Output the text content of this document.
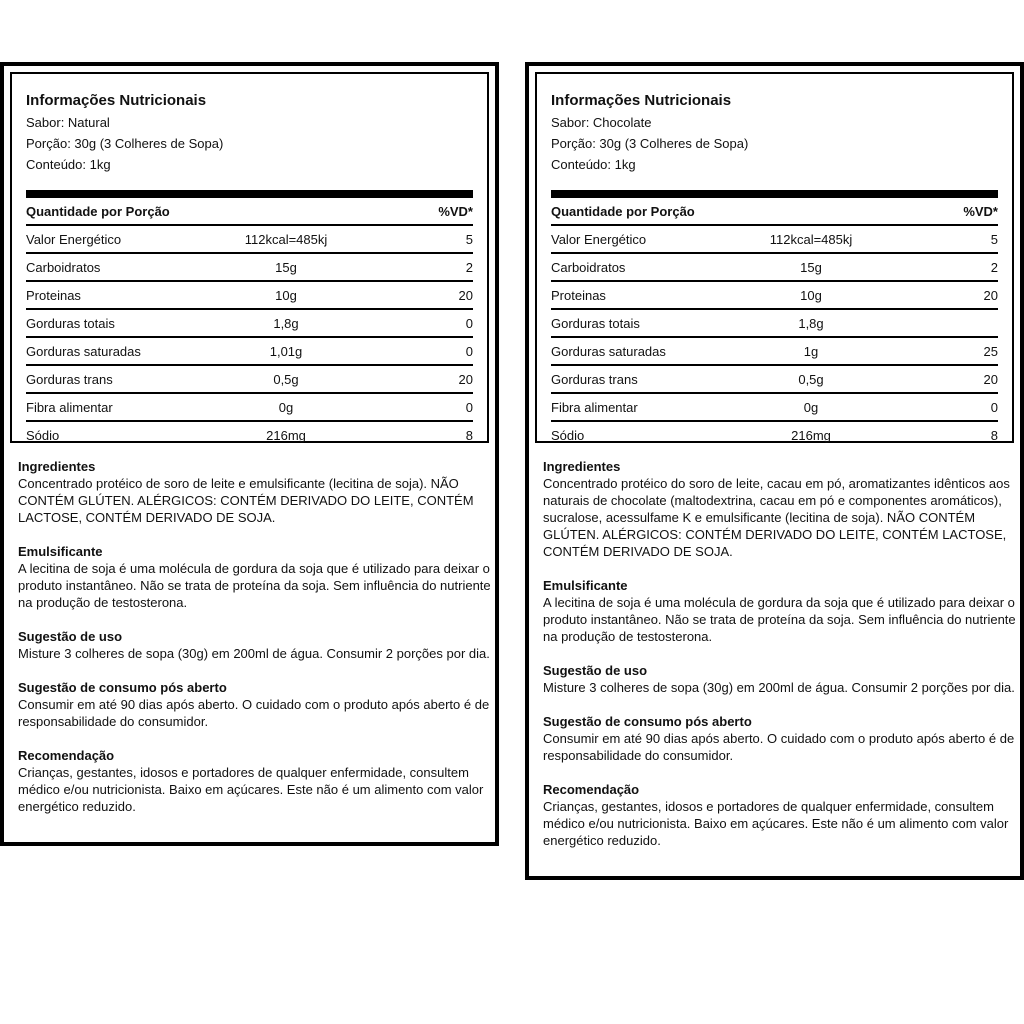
Informações Nutricionais

Sabor: Natural

Porção: 30g (3 Colheres de Sopa)

Conteúdo: 1kg

Quantidade por Porção	%VD*
Valor Energético	112kcal=485kj	5
Carboidratos	15g	2
Proteinas	10g	20
Gorduras totais	1,8g	0
Gorduras saturadas	1,01g	0
Gorduras trans	0,5g	20
Fibra alimentar	0g	0
Sódio	216mg	8

Ingredientes

Concentrado protéico de soro de leite e emulsificante (lecitina de soja). NÃO CONTÉM GLÚTEN. ALÉRGICOS: CONTÉM DERIVADO DO LEITE, CONTÉM LACTOSE, CONTÉM DERIVADO DE SOJA.

Emulsificante

A lecitina de soja é uma molécula de gordura da soja que é utilizado para deixar o produto instantâneo. Não se trata de proteína da soja. Sem influência do nutriente na produção de testosterona.

Sugestão de uso

Misture 3 colheres de sopa (30g) em 200ml de água. Consumir 2 porções por dia.

Sugestão de consumo pós aberto

Consumir em até 90 dias após aberto. O cuidado com o produto após aberto é de responsabilidade do consumidor.

Recomendação

Crianças, gestantes, idosos e portadores de qualquer enfermidade, consultem médico e/ou nutricionista. Baixo em açúcares. Este não é um alimento com valor energético reduzido.

Informações Nutricionais

Sabor: Chocolate

Porção: 30g (3 Colheres de Sopa)

Conteúdo: 1kg

Quantidade por Porção	%VD*
Valor Energético	112kcal=485kj	5
Carboidratos	15g	2
Proteinas	10g	20
Gorduras totais	1,8g
Gorduras saturadas	1g	25
Gorduras trans	0,5g	20
Fibra alimentar	0g	0
Sódio	216mg	8

Ingredientes

Concentrado protéico do soro de leite, cacau em pó, aromatizantes idênticos aos naturais de chocolate (maltodextrina, cacau em pó e componentes aromáticos), sucralose, acessulfame K e emulsificante (lecitina de soja). NÃO CONTÉM GLÚTEN. ALÉRGICOS: CONTÉM DERIVADO DO LEITE, CONTÉM LACTOSE, CONTÉM DERIVADO DE SOJA.

Emulsificante

A lecitina de soja é uma molécula de gordura da soja que é utilizado para deixar o produto instantâneo. Não se trata de proteína da soja. Sem influência do nutriente na produção de testosterona.

Sugestão de uso

Misture 3 colheres de sopa (30g) em 200ml de água. Consumir 2 porções por dia.

Sugestão de consumo pós aberto

Consumir em até 90 dias após aberto. O cuidado com o produto após aberto é de responsabilidade do consumidor.

Recomendação

Crianças, gestantes, idosos e portadores de qualquer enfermidade, consultem médico e/ou nutricionista. Baixo em açúcares. Este não é um alimento com valor energético reduzido.
